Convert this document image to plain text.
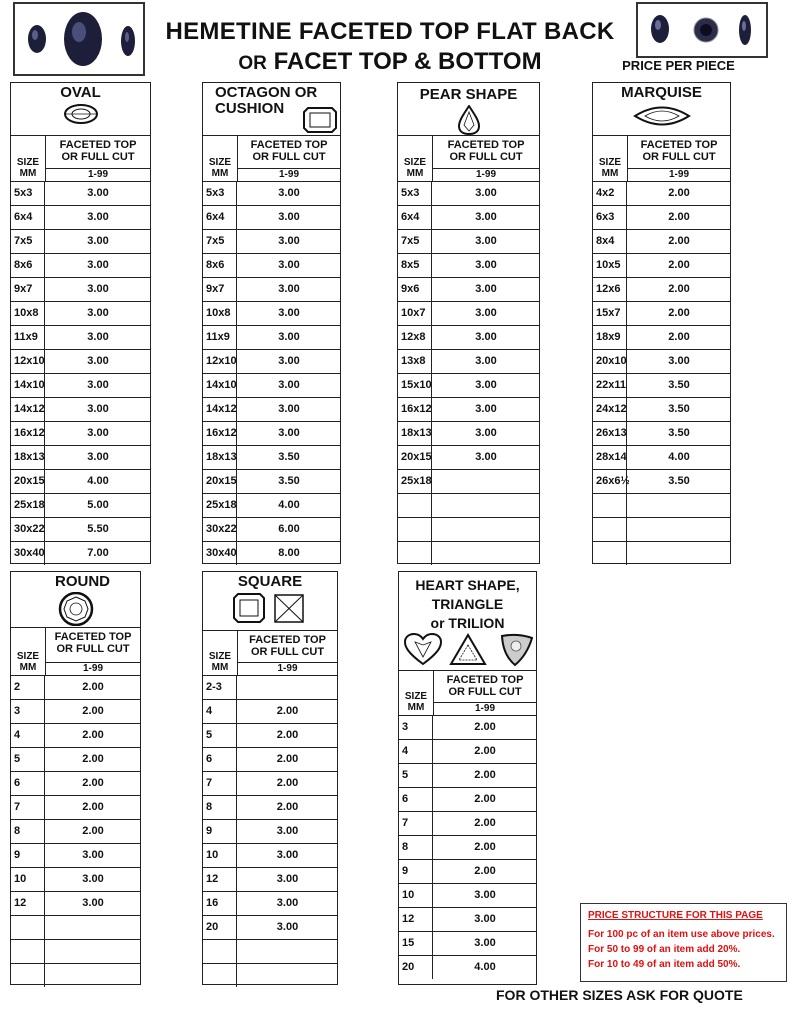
HEMETINE FACETED TOP FLAT BACK
OR FACET TOP & BOTTOM	PRICE PER PIECE
OVAL
SIZE
MM
FACETED TOP
OR FULL CUT
1-99
5x3	3.00
6x4	3.00
7x5	3.00
8x6	3.00
9x7	3.00
10x8	3.00
11x9	3.00
12x10	3.00
14x10	3.00
14x12	3.00
16x12	3.00
18x13	3.00
20x15	4.00
25x18	5.00
30x22	5.50
30x40	7.00
OCTAGON OR CUSHION
SIZE
MM
FACETED TOP
OR FULL CUT
1-99
5x3	3.00
6x4	3.00
7x5	3.00
8x6	3.00
9x7	3.00
10x8	3.00
11x9	3.00
12x10	3.00
14x10	3.00
14x12	3.00
16x12	3.00
18x13	3.50
20x15	3.50
25x18	4.00
30x22	6.00
30x40	8.00
PEAR SHAPE
SIZE
MM
FACETED TOP
OR FULL CUT
1-99
5x3	3.00
6x4	3.00
7x5	3.00
8x5	3.00
9x6	3.00
10x7	3.00
12x8	3.00
13x8	3.00
15x10	3.00
16x12	3.00
18x13	3.00
20x15	3.00
25x18
MARQUISE
SIZE
MM
FACETED TOP
OR FULL CUT
1-99
4x2	2.00
6x3	2.00
8x4	2.00
10x5	2.00
12x6	2.00
15x7	2.00
18x9	2.00
20x10	3.00
22x11	3.50
24x12	3.50
26x13	3.50
28x14	4.00
26x6½	3.50
ROUND
SIZE
MM
FACETED TOP
OR FULL CUT
1-99
2	2.00
3	2.00
4	2.00
5	2.00
6	2.00
7	2.00
8	2.00
9	3.00
10	3.00
12	3.00
SQUARE
SIZE
MM
FACETED TOP
OR FULL CUT
1-99
2-3
4	2.00
5	2.00
6	2.00
7	2.00
8	2.00
9	3.00
10	3.00
12	3.00
16	3.00
20	3.00
HEART SHAPE,
TRIANGLE
or TRILION
SIZE
MM
FACETED TOP
OR FULL CUT
1-99
3	2.00
4	2.00
5	2.00
6	2.00
7	2.00
8	2.00
9	2.00
10	3.00
12	3.00
15	3.00
20	4.00
PRICE STRUCTURE FOR THIS PAGE
For 100 pc of an item use above prices.
For 50 to 99 of an item add 20%.
For 10 to 49 of an item add 50%.
FOR OTHER SIZES ASK FOR QUOTE
